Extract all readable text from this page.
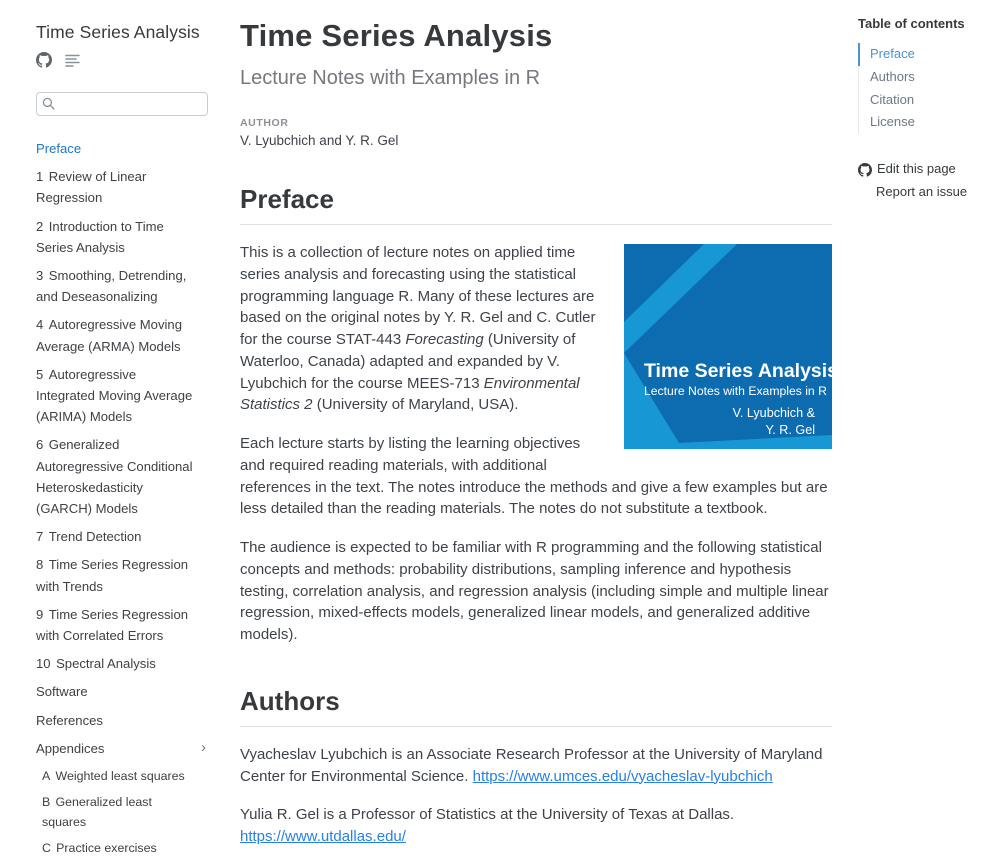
Time Series Analysis
Preface
1 Review of Linear Regression
2 Introduction to Time Series Analysis
3 Smoothing, Detrending, and Deseasonalizing
4 Autoregressive Moving Average (ARMA) Models
5 Autoregressive Integrated Moving Average (ARIMA) Models
6 Generalized Autoregressive Conditional Heteroskedasticity (GARCH) Models
7 Trend Detection
8 Time Series Regression with Trends
9 Time Series Regression with Correlated Errors
10 Spectral Analysis
Software
References
Appendices	›
A Weighted least squares
B Generalized least squares
C Practice exercises
Time Series Analysis
Lecture Notes with Examples in R
AUTHOR
V. Lyubchich and Y. R. Gel
Preface
Time Series Analysis
Lecture Notes with Examples in R
V. Lyubchich &
Y. R. Gel

This is a collection of lecture notes on applied time series analysis and forecasting using the statistical programming language R. Many of these lectures are based on the original notes by Y. R. Gel and C. Cutler for the course STAT-443 Forecasting (University of Waterloo, Canada) adapted and expanded by V. Lyubchich for the course MEES-713 Environmental Statistics 2 (University of Maryland, USA).

Each lecture starts by listing the learning objectives and required reading materials, with additional references in the text. The notes introduce the methods and give a few examples but are less detailed than the reading materials. The notes do not substitute a textbook.

The audience is expected to be familiar with R programming and the following statistical concepts and methods: probability distributions, sampling inference and hypothesis testing, correlation analysis, and regression analysis (including simple and multiple linear regression, mixed-effects models, generalized linear models, and generalized additive models).

Authors

Vyacheslav Lyubchich is an Associate Research Professor at the University of Maryland Center for Environmental Science. https://www.umces.edu/vyacheslav-lyubchich

Yulia R. Gel is a Professor of Statistics at the University of Texas at Dallas. https://www.utdallas.edu/

Table of contents
Preface
Authors
Citation
License
Edit this page
Report an issue
